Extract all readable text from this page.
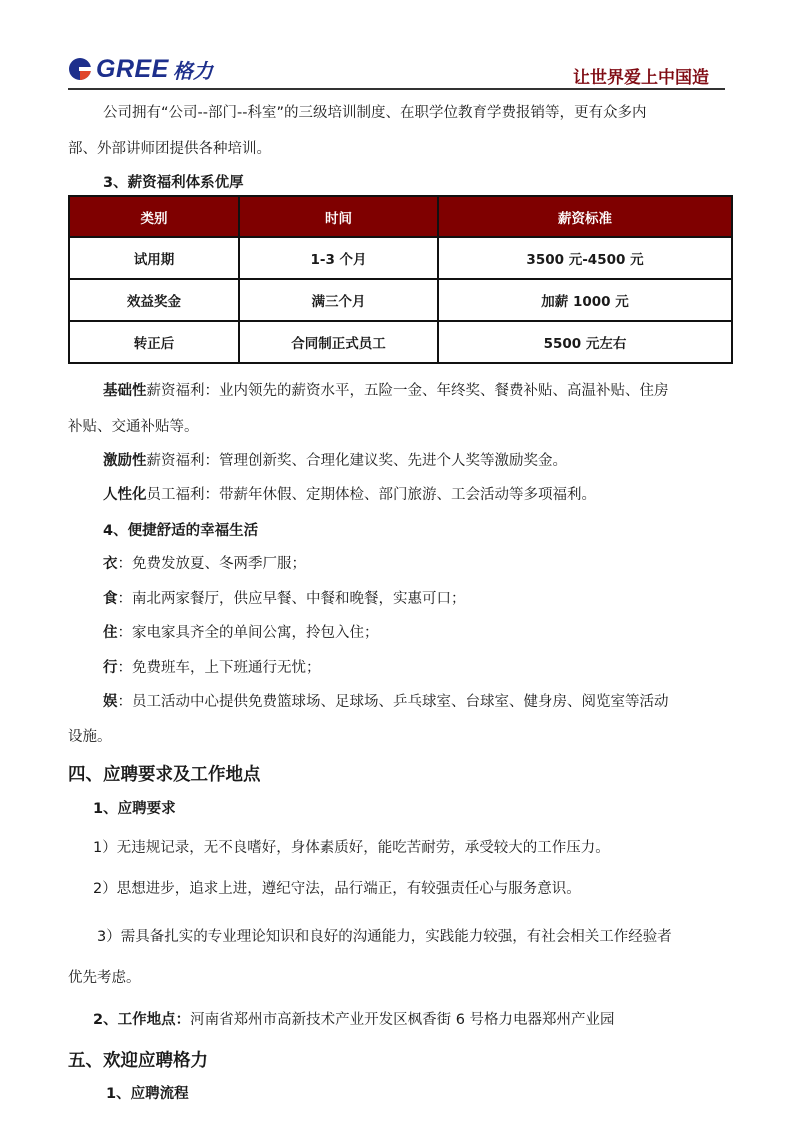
GREE 格力	让世界爱上中国造
公司拥有“公司--部门--科室”的三级培训制度、在职学位教育学费报销等，更有众多内
部、外部讲师团提供各种培训。
3、薪资福利体系优厚
类别	时间	薪资标准
试用期	1-3 个月	3500 元-4500 元
效益奖金	满三个月	加薪 1000 元
转正后	合同制正式员工	5500 元左右
基础性薪资福利：业内领先的薪资水平，五险一金、年终奖、餐费补贴、高温补贴、住房
补贴、交通补贴等。
激励性薪资福利：管理创新奖、合理化建议奖、先进个人奖等激励奖金。
人性化员工福利：带薪年休假、定期体检、部门旅游、工会活动等多项福利。
4、便捷舒适的幸福生活
衣：免费发放夏、冬两季厂服；
食：南北两家餐厅，供应早餐、中餐和晚餐，实惠可口；
住：家电家具齐全的单间公寓，拎包入住；
行：免费班车，上下班通行无忧；
娱：员工活动中心提供免费篮球场、足球场、乒乓球室、台球室、健身房、阅览室等活动
设施。
四、应聘要求及工作地点
1、应聘要求
1）无违规记录，无不良嗜好，身体素质好，能吃苦耐劳，承受较大的工作压力。
2）思想进步，追求上进，遵纪守法，品行端正，有较强责任心与服务意识。
3）需具备扎实的专业理论知识和良好的沟通能力，实践能力较强，有社会相关工作经验者
优先考虑。
2、工作地点：河南省郑州市高新技术产业开发区枫香街 6 号格力电器郑州产业园
五、欢迎应聘格力
1、应聘流程
